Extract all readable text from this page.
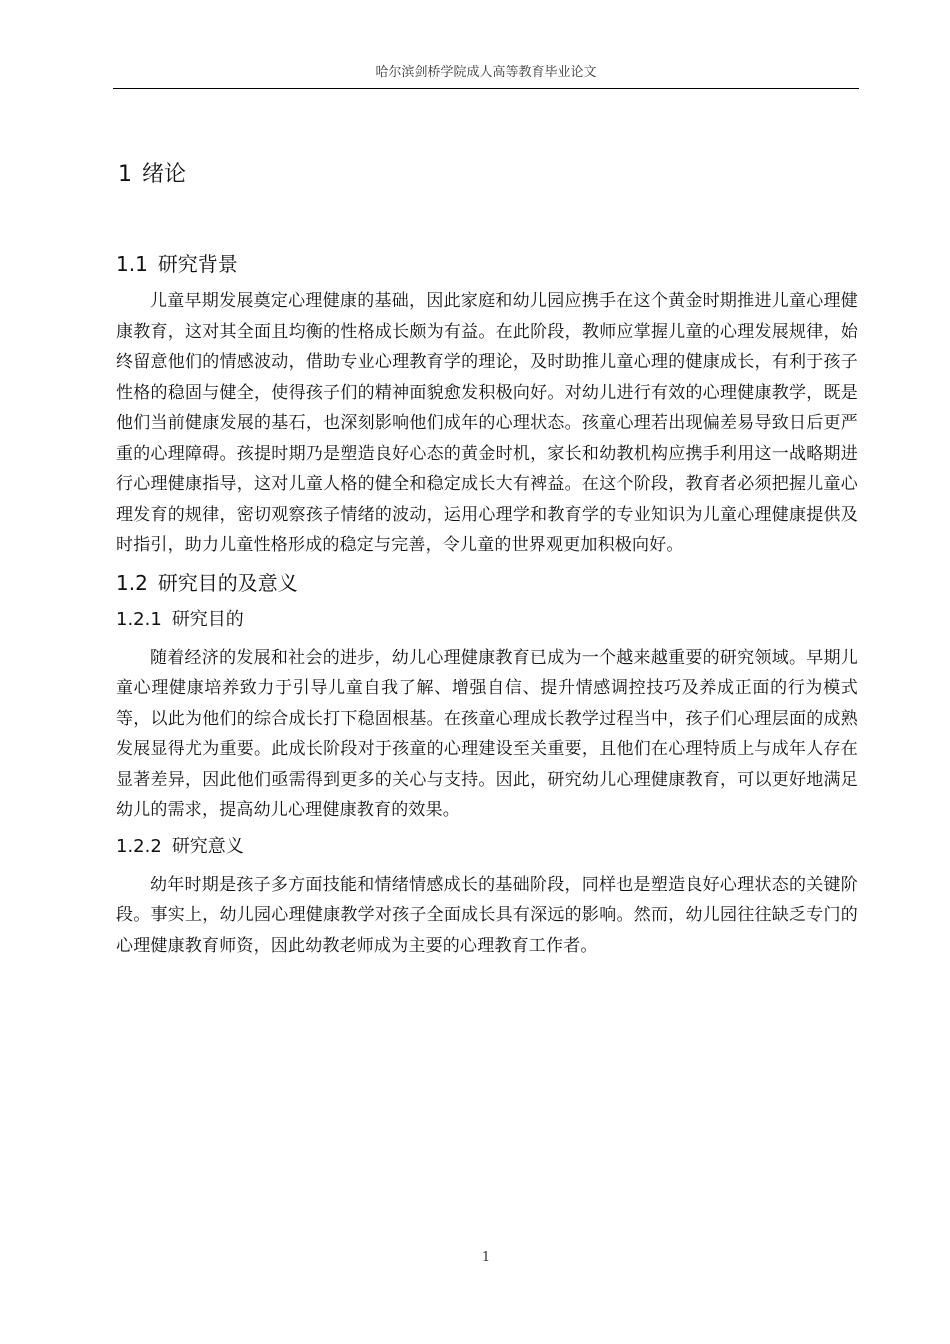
哈尔滨剑桥学院成人高等教育毕业论文
1 绪论
1.1 研究背景

儿童早期发展奠定心理健康的基础，因此家庭和幼儿园应携手在这个黄金时期推进儿童心理健康教育，这对其全面且均衡的性格成长颇为有益。在此阶段，教师应掌握儿童的心理发展规律，始终留意他们的情感波动，借助专业心理教育学的理论，及时助推儿童心理的健康成长，有利于孩子性格的稳固与健全，使得孩子们的精神面貌愈发积极向好。对幼儿进行有效的心理健康教学，既是他们当前健康发展的基石，也深刻影响他们成年的心理状态。孩童心理若出现偏差易导致日后更严重的心理障碍。孩提时期乃是塑造良好心态的黄金时机，家长和幼教机构应携手利用这一战略期进行心理健康指导，这对儿童人格的健全和稳定成长大有裨益。在这个阶段，教育者必须把握儿童心理发育的规律，密切观察孩子情绪的波动，运用心理学和教育学的专业知识为儿童心理健康提供及时指引，助力儿童性格形成的稳定与完善，令儿童的世界观更加积极向好。

1.2 研究目的及意义
1.2.1 研究目的

随着经济的发展和社会的进步，幼儿心理健康教育已成为一个越来越重要的研究领域。早期儿童心理健康培养致力于引导儿童自我了解、增强自信、提升情感调控技巧及养成正面的行为模式等，以此为他们的综合成长打下稳固根基。在孩童心理成长教学过程当中，孩子们心理层面的成熟发展显得尤为重要。此成长阶段对于孩童的心理建设至关重要，且他们在心理特质上与成年人存在显著差异，因此他们亟需得到更多的关心与支持。因此，研究幼儿心理健康教育，可以更好地满足幼儿的需求，提高幼儿心理健康教育的效果。

1.2.2 研究意义

幼年时期是孩子多方面技能和情绪情感成长的基础阶段，同样也是塑造良好心理状态的关键阶段。事实上，幼儿园心理健康教学对孩子全面成长具有深远的影响。然而，幼儿园往往缺乏专门的心理健康教育师资，因此幼教老师成为主要的心理教育工作者。

1
